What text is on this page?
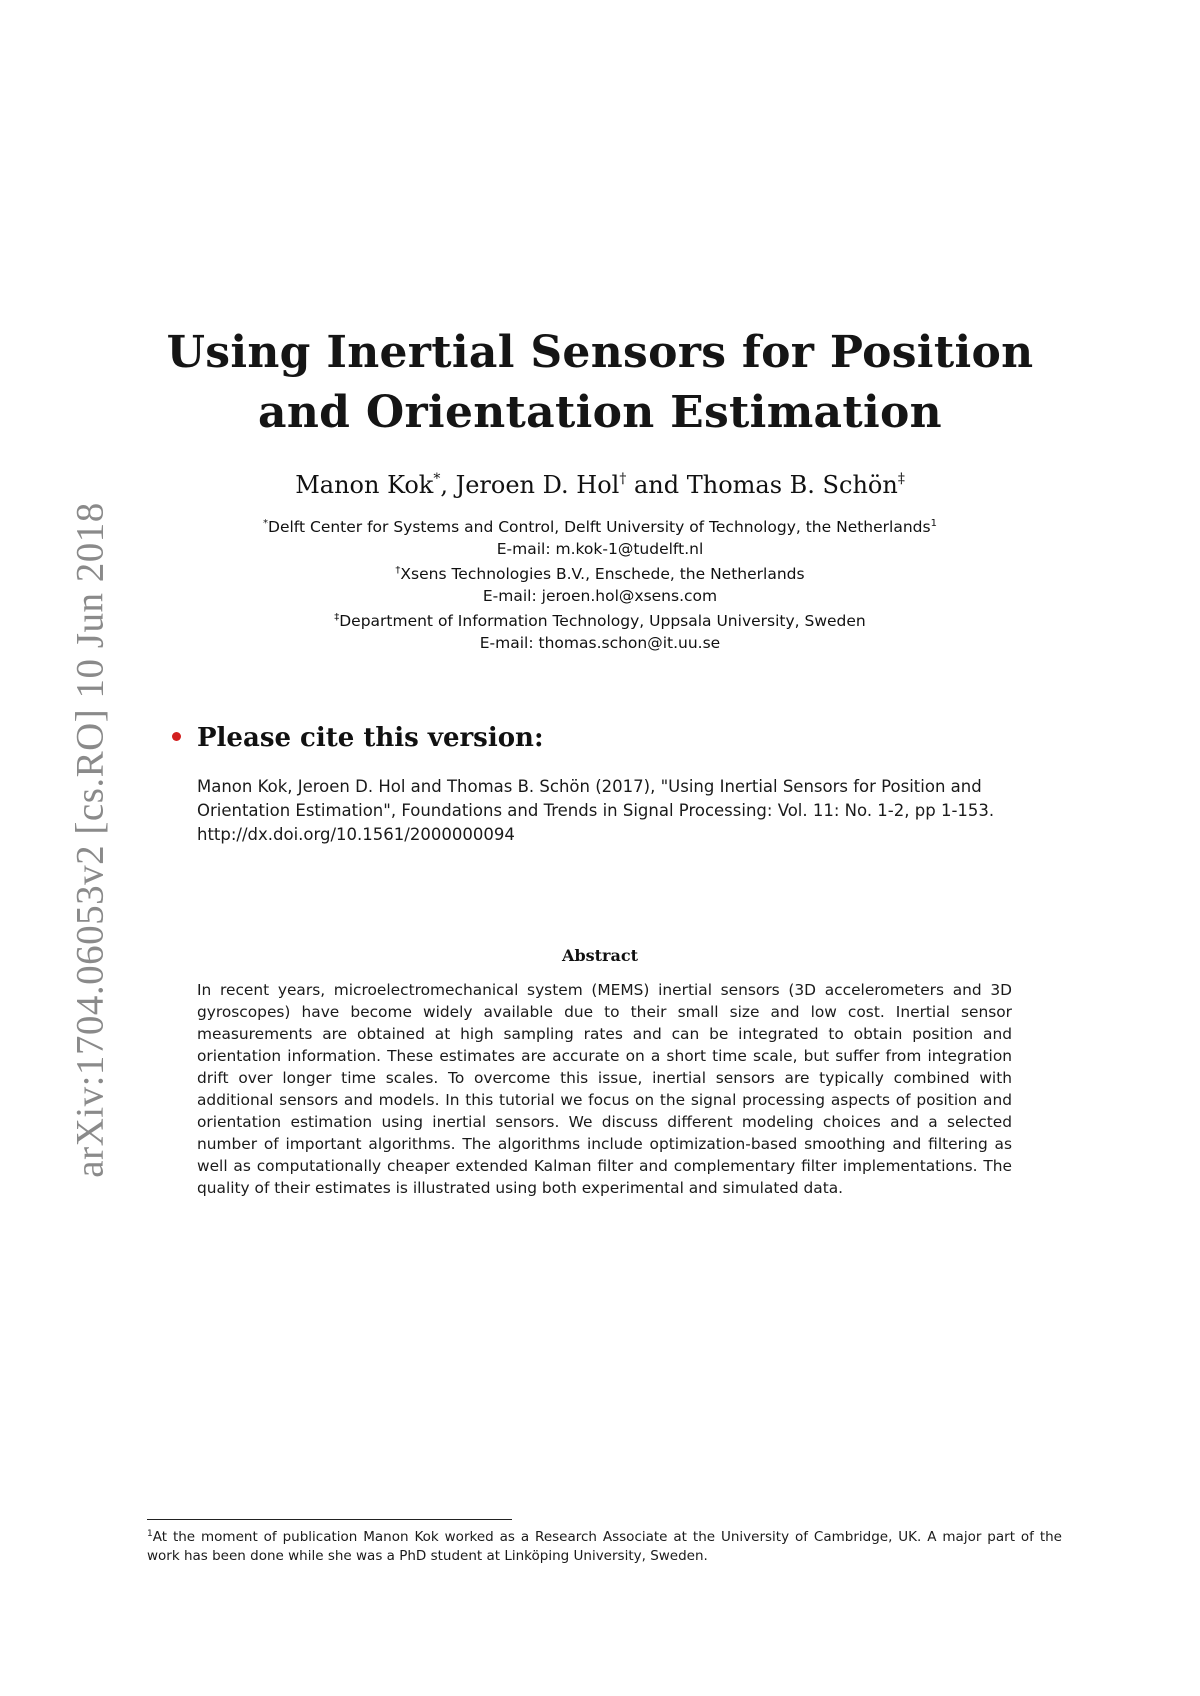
arXiv:1704.06053v2 [cs.RO] 10 Jun 2018
Using Inertial Sensors for Position
and Orientation Estimation
Manon Kok*, Jeroen D. Hol† and Thomas B. Schön‡
*Delft Center for Systems and Control, Delft University of Technology, the Netherlands$^1$
E-mail: m.kok-1@tudelft.nl
†Xsens Technologies B.V., Enschede, the Netherlands
E-mail: jeroen.hol@xsens.com
‡Department of Information Technology, Uppsala University, Sweden
E-mail: thomas.schon@it.uu.se
Please cite this version:
Manon Kok, Jeroen D. Hol and Thomas B. Schön (2017), "Using Inertial Sensors for Position and
Orientation Estimation", Foundations and Trends in Signal Processing: Vol. 11: No. 1-2, pp 1-153.
http://dx.doi.org/10.1561/2000000094
Abstract
In recent years, microelectromechanical system (MEMS) inertial sensors (3D accelerometers and 3D gyroscopes) have become widely available due to their small size and low cost. Inertial sensor measurements are obtained at high sampling rates and can be integrated to obtain position and orientation information. These estimates are accurate on a short time scale, but suffer from integration drift over longer time scales. To overcome this issue, inertial sensors are typically combined with additional sensors and models. In this tutorial we focus on the signal processing aspects of position and orientation estimation using inertial sensors. We discuss different modeling choices and a selected number of important algorithms. The algorithms include optimization-based smoothing and filtering as well as computationally cheaper extended Kalman filter and complementary filter implementations. The quality of their estimates is illustrated using both experimental and simulated data.
$^1$At the moment of publication Manon Kok worked as a Research Associate at the University of Cambridge, UK. A major part of the work has been done while she was a PhD student at Linköping University, Sweden.
